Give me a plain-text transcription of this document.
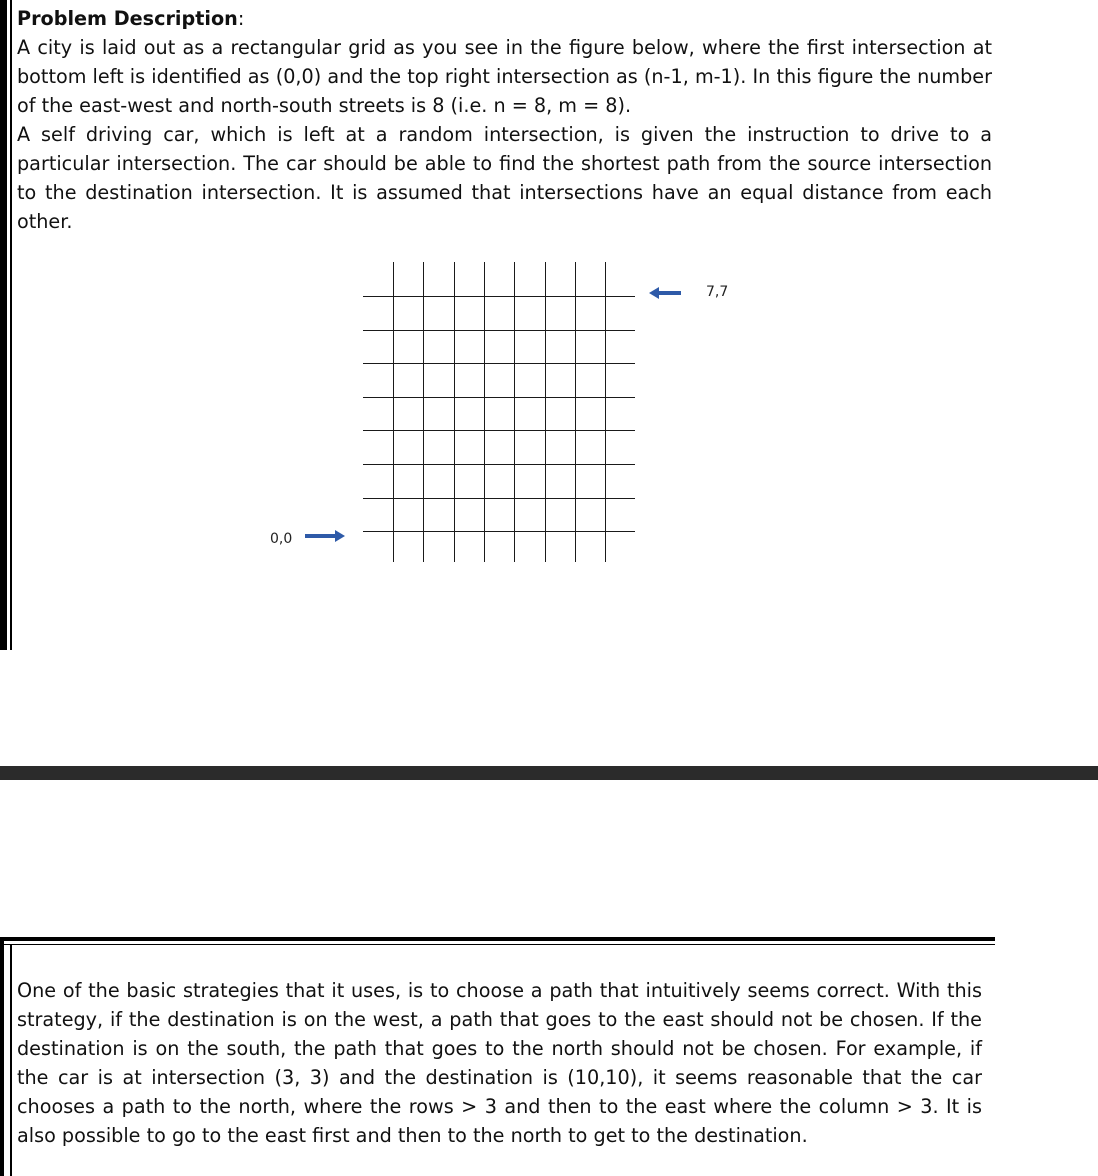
Problem Description:

A city is laid out as a rectangular grid as you see in the figure below, where the first intersection at bottom left is identified as (0,0) and the top right intersection as (n-1, m-1). In this figure the number of the east-west and north-south streets is 8 (i.e. n = 8, m = 8).

A self driving car, which is left at a random intersection, is given the instruction to drive to a particular intersection. The car should be able to find the shortest path from the source intersection to the destination intersection. It is assumed that intersections have an equal distance from each other.

0,0
7,7

One of the basic strategies that it uses, is to choose a path that intuitively seems correct. With this strategy, if the destination is on the west, a path that goes to the east should not be chosen. If the destination is on the south, the path that goes to the north should not be chosen. For example, if the car is at intersection (3, 3) and the destination is (10,10), it seems reasonable that the car chooses a path to the north, where the rows > 3 and then to the east where the column > 3. It is also possible to go to the east first and then to the north to get to the destination.
